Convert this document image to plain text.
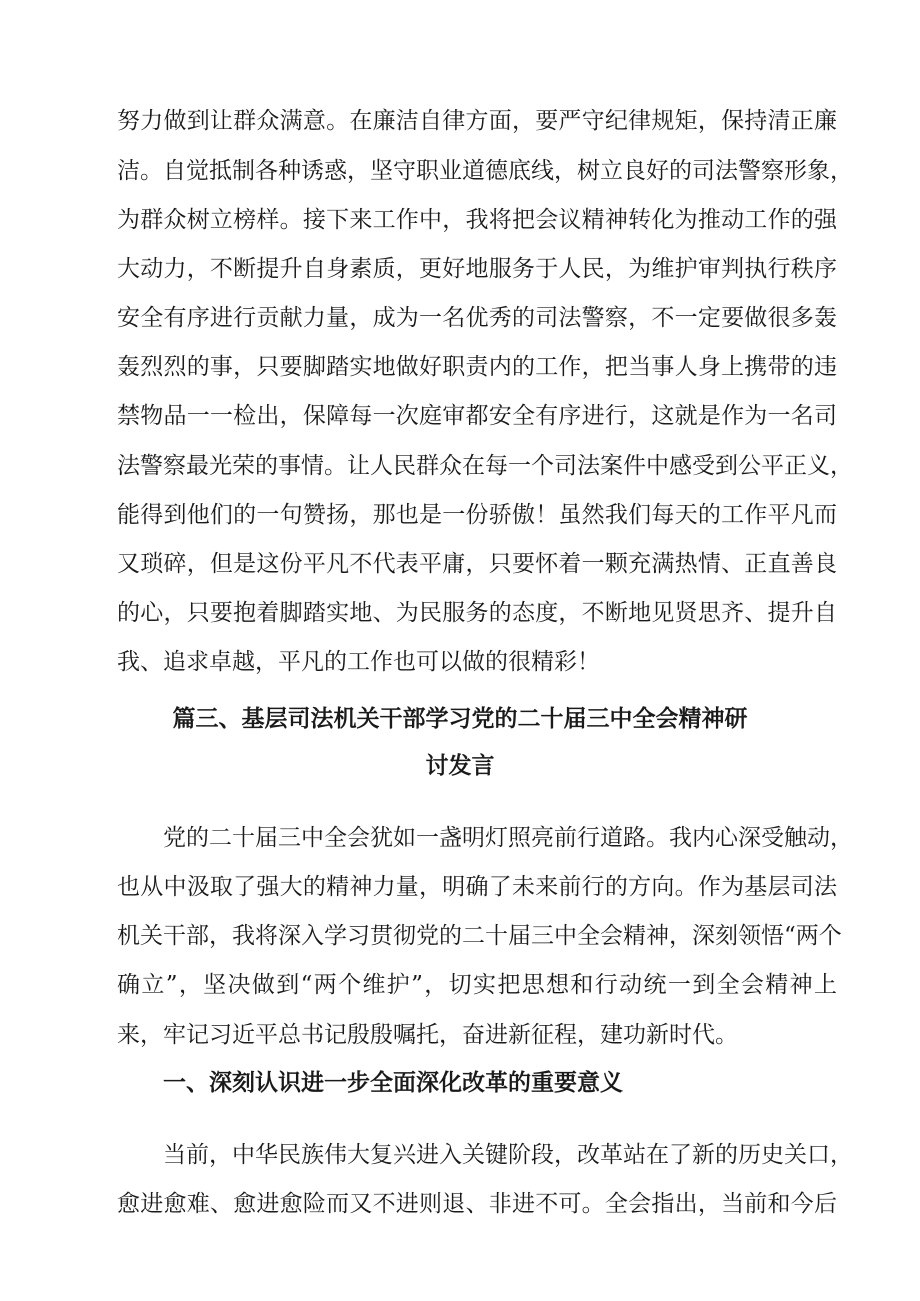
努力做到让群众满意。在廉洁自律方面，要严守纪律规矩，保持清正廉
洁。自觉抵制各种诱惑，坚守职业道德底线，树立良好的司法警察形象，
为群众树立榜样。接下来工作中，我将把会议精神转化为推动工作的强
大动力，不断提升自身素质，更好地服务于人民，为维护审判执行秩序
安全有序进行贡献力量，成为一名优秀的司法警察，不一定要做很多轰
轰烈烈的事，只要脚踏实地做好职责内的工作，把当事人身上携带的违
禁物品一一检出，保障每一次庭审都安全有序进行，这就是作为一名司
法警察最光荣的事情。让人民群众在每一个司法案件中感受到公平正义，
能得到他们的一句赞扬，那也是一份骄傲！虽然我们每天的工作平凡而
又琐碎，但是这份平凡不代表平庸，只要怀着一颗充满热情、正直善良
的心，只要抱着脚踏实地、为民服务的态度，不断地见贤思齐、提升自
我、追求卓越，平凡的工作也可以做的很精彩！
篇三、基层司法机关干部学习党的二十届三中全会精神研
讨发言
党的二十届三中全会犹如一盏明灯照亮前行道路。我内心深受触动，
也从中汲取了强大的精神力量，明确了未来前行的方向。作为基层司法
机关干部，我将深入学习贯彻党的二十届三中全会精神，深刻领悟“两个
确立”，坚决做到“两个维护”，切实把思想和行动统一到全会精神上
来，牢记习近平总书记殷殷嘱托，奋进新征程，建功新时代。
一、深刻认识进一步全面深化改革的重要意义
当前，中华民族伟大复兴进入关键阶段，改革站在了新的历史关口，
愈进愈难、愈进愈险而又不进则退、非进不可。全会指出，当前和今后
